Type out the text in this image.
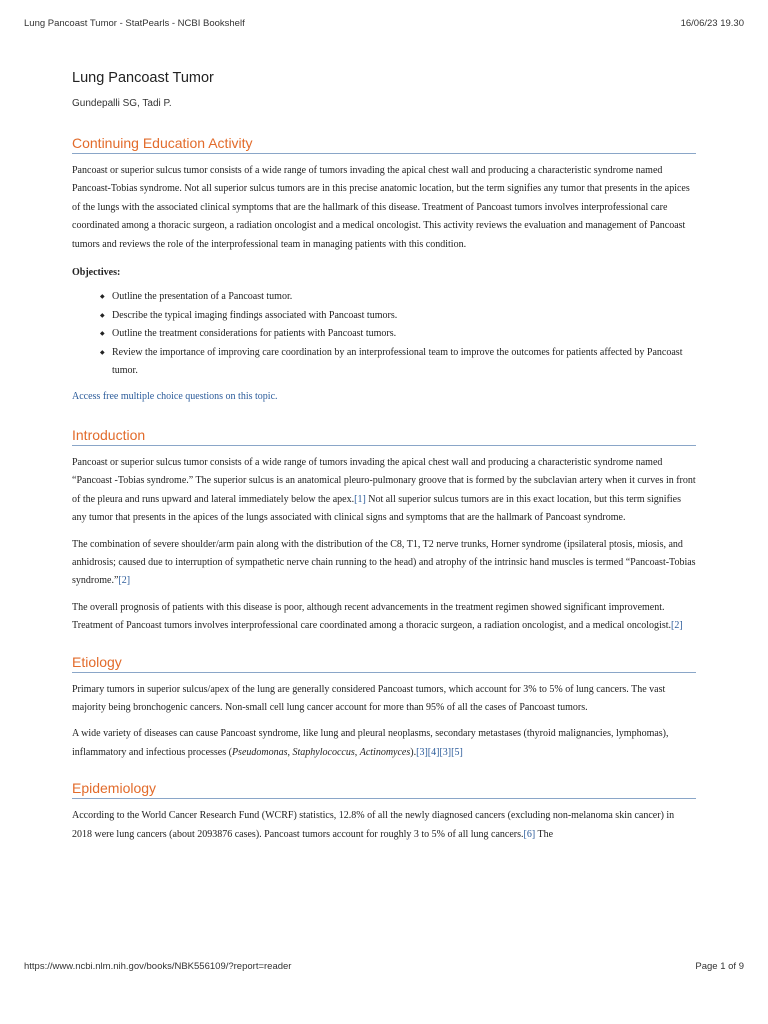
Lung Pancoast Tumor - StatPearls - NCBI Bookshelf	16/06/23 19.30
Lung Pancoast Tumor
Gundepalli SG, Tadi P.
Continuing Education Activity

Pancoast or superior sulcus tumor consists of a wide range of tumors invading the apical chest wall and producing a characteristic syndrome named Pancoast-Tobias syndrome. Not all superior sulcus tumors are in this precise anatomic location, but the term signifies any tumor that presents in the apices of the lungs with the associated clinical symptoms that are the hallmark of this disease. Treatment of Pancoast tumors involves interprofessional care coordinated among a thoracic surgeon, a radiation oncologist and a medical oncologist. This activity reviews the evaluation and management of Pancoast tumors and reviews the role of the interprofessional team in managing patients with this condition.

Objectives:

◆ Outline the presentation of a Pancoast tumor.
◆ Describe the typical imaging findings associated with Pancoast tumors.
◆ Outline the treatment considerations for patients with Pancoast tumors.
◆ Review the importance of improving care coordination by an interprofessional team to improve the outcomes for patients affected by Pancoast tumor.

Access free multiple choice questions on this topic.

Introduction

Pancoast or superior sulcus tumor consists of a wide range of tumors invading the apical chest wall and producing a characteristic syndrome named “Pancoast -Tobias syndrome.” The superior sulcus is an anatomical pleuro-pulmonary groove that is formed by the subclavian artery when it curves in front of the pleura and runs upward and lateral immediately below the apex.[1] Not all superior sulcus tumors are in this exact location, but this term signifies any tumor that presents in the apices of the lungs associated with clinical signs and symptoms that are the hallmark of Pancoast syndrome.

The combination of severe shoulder/arm pain along with the distribution of the C8, T1, T2 nerve trunks, Horner syndrome (ipsilateral ptosis, miosis, and anhidrosis; caused due to interruption of sympathetic nerve chain running to the head) and atrophy of the intrinsic hand muscles is termed “Pancoast-Tobias syndrome.”[2]

The overall prognosis of patients with this disease is poor, although recent advancements in the treatment regimen showed significant improvement. Treatment of Pancoast tumors involves interprofessional care coordinated among a thoracic surgeon, a radiation oncologist, and a medical oncologist.[2]

Etiology

Primary tumors in superior sulcus/apex of the lung are generally considered Pancoast tumors, which account for 3% to 5% of lung cancers. The vast majority being bronchogenic cancers. Non-small cell lung cancer account for more than 95% of all the cases of Pancoast tumors.

A wide variety of diseases can cause Pancoast syndrome, like lung and pleural neoplasms, secondary metastases (thyroid malignancies, lymphomas), inflammatory and infectious processes (Pseudomonas, Staphylococcus, Actinomyces).[3][4][3][5]

Epidemiology

According to the World Cancer Research Fund (WCRF) statistics, 12.8% of all the newly diagnosed cancers (excluding non-melanoma skin cancer) in 2018 were lung cancers (about 2093876 cases). Pancoast tumors account for roughly 3 to 5% of all lung cancers.[6] The

https://www.ncbi.nlm.nih.gov/books/NBK556109/?report=reader	Page 1 of 9
